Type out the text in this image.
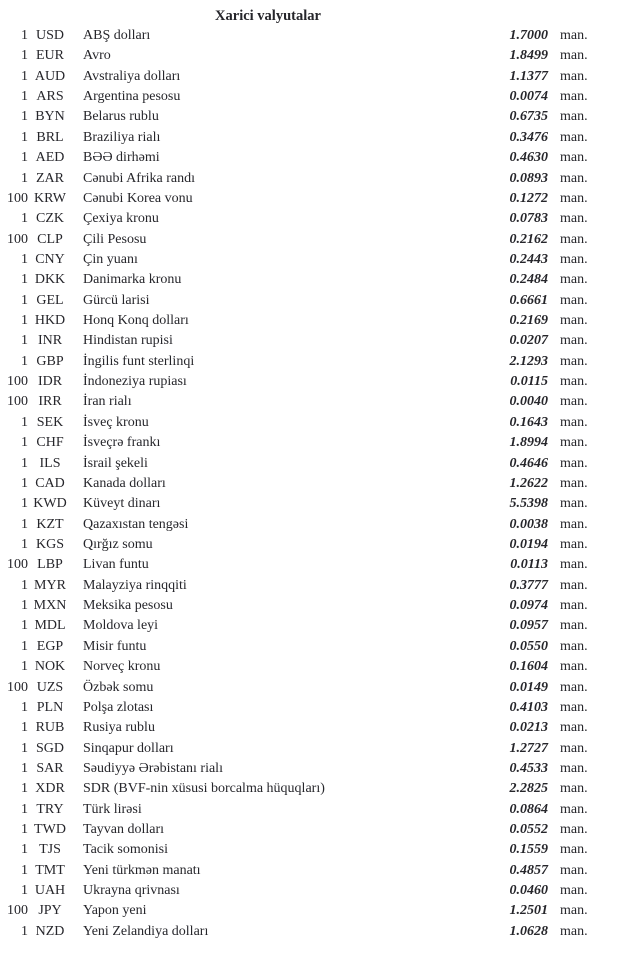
Xarici valyutalar
1 USD	ABŞ dolları	1.7000 man.
1 EUR	Avro	1.8499 man.
1 AUD	Avstraliya dolları	1.1377 man.
1 ARS	Argentina pesosu	0.0074 man.
1 BYN	Belarus rublu	0.6735 man.
1 BRL	Braziliya rialı	0.3476 man.
1 AED	BƏƏ dirhəmi	0.4630 man.
1 ZAR	Cənubi Afrika randı	0.0893 man.
100 KRW	Cənubi Korea vonu	0.1272 man.
1 CZK	Çexiya kronu	0.0783 man.
100 CLP	Çili Pesosu	0.2162 man.
1 CNY	Çin yuanı	0.2443 man.
1 DKK	Danimarka kronu	0.2484 man.
1 GEL	Gürcü larisi	0.6661 man.
1 HKD	Honq Konq dolları	0.2169 man.
1 INR	Hindistan rupisi	0.0207 man.
1 GBP	İngilis funt sterlinqi	2.1293 man.
100 IDR	İndoneziya rupiası	0.0115 man.
100 IRR	İran rialı	0.0040 man.
1 SEK	İsveç kronu	0.1643 man.
1 CHF	İsveçrə frankı	1.8994 man.
1 ILS	İsrail şekeli	0.4646 man.
1 CAD	Kanada dolları	1.2622 man.
1 KWD	Küveyt dinarı	5.5398 man.
1 KZT	Qazaxıstan tengəsi	0.0038 man.
1 KGS	Qırğız somu	0.0194 man.
100 LBP	Livan funtu	0.0113 man.
1 MYR	Malayziya rinqqiti	0.3777 man.
1 MXN	Meksika pesosu	0.0974 man.
1 MDL	Moldova leyi	0.0957 man.
1 EGP	Misir funtu	0.0550 man.
1 NOK	Norveç kronu	0.1604 man.
100 UZS	Özbək somu	0.0149 man.
1 PLN	Polşa zlotası	0.4103 man.
1 RUB	Rusiya rublu	0.0213 man.
1 SGD	Sinqapur dolları	1.2727 man.
1 SAR	Səudiyyə Ərəbistanı rialı	0.4533 man.
1 XDR	SDR (BVF-nin xüsusi borcalma hüquqları)	2.2825 man.
1 TRY	Türk lirəsi	0.0864 man.
1 TWD	Tayvan dolları	0.0552 man.
1 TJS	Tacik somonisi	0.1559 man.
1 TMT	Yeni türkmən manatı	0.4857 man.
1 UAH	Ukrayna qrivnası	0.0460 man.
100 JPY	Yapon yeni	1.2501 man.
1 NZD	Yeni Zelandiya dolları	1.0628 man.
